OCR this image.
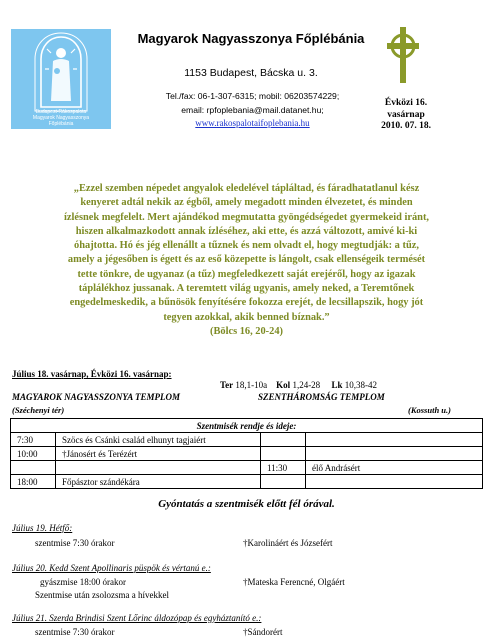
Budapest-Rákospalota
Magyarok Nagyasszonya
Főplébánia
Magyarok Nagyasszonya Főplébánia
1153 Budapest, Bácska u. 3.
Tel./fax: 06-1-307-6315; mobil: 06203574229;
email: rpfoplebania@mail.datanet.hu;
www.rakospalotaifoplebania.hu
Évközi 16.
vasárnap
2010. 07. 18.
„Ezzel szemben népedet angyalok eledelével tápláltad, és fáradhatatlanul kész
kenyeret adtál nekik az égből, amely megadott minden élvezetet, és minden
ízlésnek megfelelt. Mert ajándékod megmutatta gyöngédségedet gyermekeid iránt,
hiszen alkalmazkodott annak ízléséhez, aki ette, és azzá változott, amivé ki-ki
óhajtotta. Hó és jég ellenállt a tűznek és nem olvadt el, hogy megtudják: a tűz,
amely a jégesőben is égett és az eső közepette is lángolt, csak ellenségeik termését
tette tönkre, de ugyanaz (a tűz) megfeledkezett saját erejéről, hogy az igazak
táplálékhoz jussanak. A teremtett világ ugyanis, amely neked, a Teremtőnek
engedelmeskedik, a bűnösök fenyítésére fokozza erejét, de lecsillapszik, hogy jót
tegyen azokkal, akik benned bíznak.”
(Bölcs 16, 20-24)
Július 18. vasárnap, Évközi 16. vasárnap:
Ter 18,1-10a Kol 1,24-28 Lk 10,38-42
MAGYAROK NAGYASSZONYA TEMPLOM	SZENTHÁROMSÁG TEMPLOM
(Széchenyi tér)	(Kossuth u.)
Szentmisék rendje és ideje:			
7:30	Szöcs és Csánki család elhunyt tagjaiért		
10:00	†Jánosért és Terézért		
		11:30	élő Andrásért
18:00	Főpásztor szándékára		
Gyóntatás a szentmisék előtt fél órával.
Július 19. Hétfő:
szentmise 7:30 órakor	†Karolináért és Józsefért
Július 20. Kedd Szent Apollinaris püspök és vértanú e.:
gyászmise 18:00 órakor	†Mateska Ferencné, Olgáért
Szentmise után zsolozsma a hívekkel
Július 21. Szerda Brindisi Szent Lőrinc áldozópap és egyháztanító e.:
szentmise 7:30 órakor	†Sándorért
